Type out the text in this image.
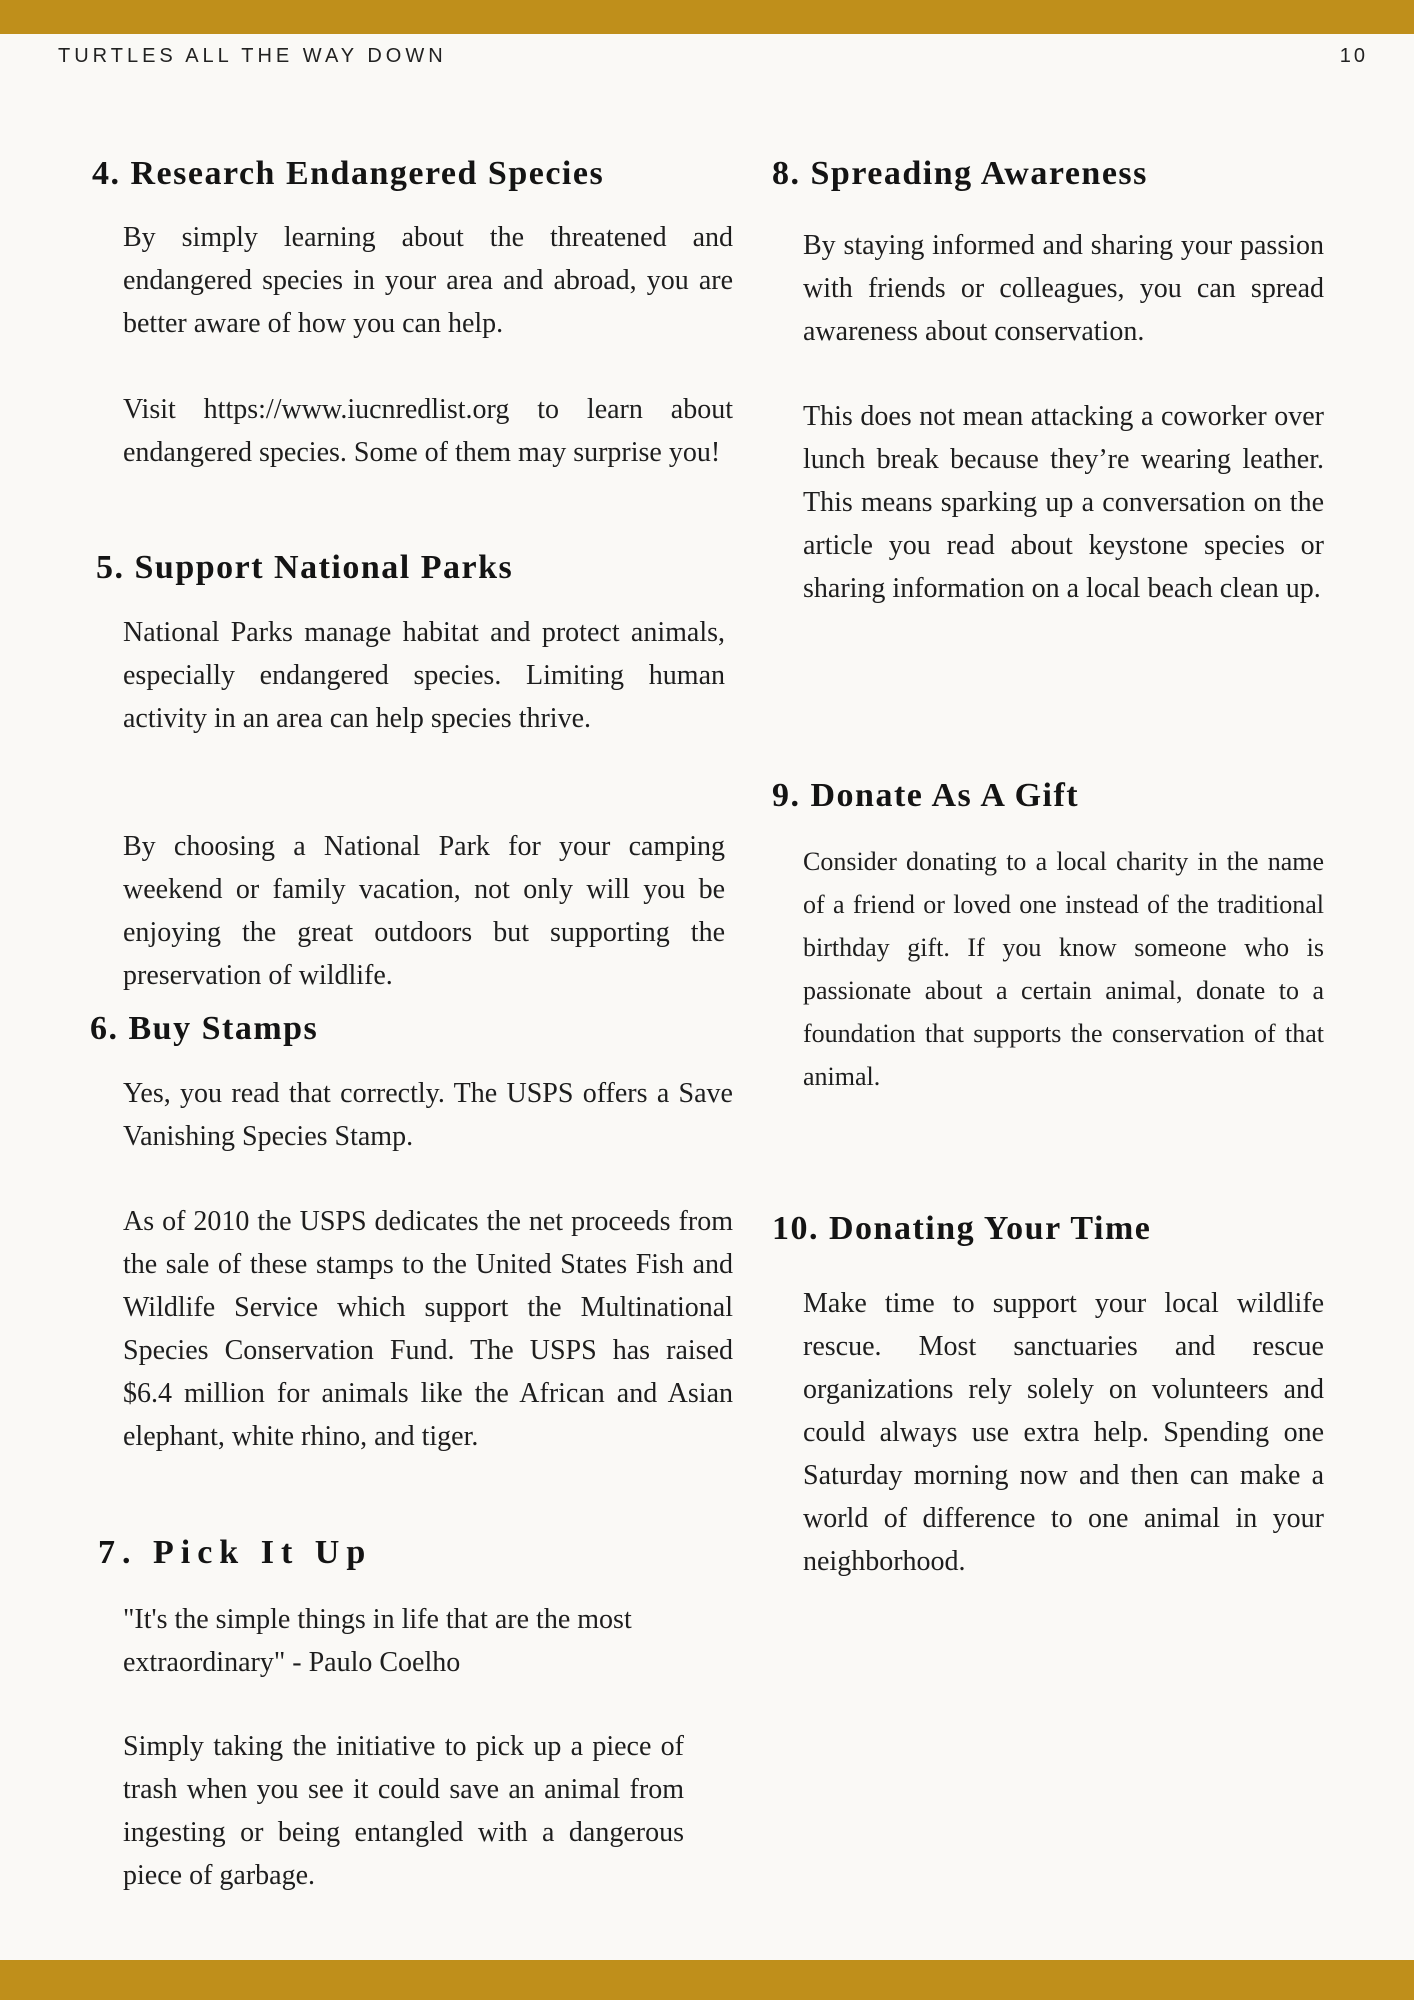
TURTLES ALL THE WAY DOWN	10
4. Research Endangered Species

By simply learning about the threatened and endangered species in your area and abroad, you are better aware of how you can help.

Visit https://www.iucnredlist.org to learn about endangered species. Some of them may surprise you!

5. Support National Parks

National Parks manage habitat and protect animals, especially endangered species. Limiting human activity in an area can help species thrive.

By choosing a National Park for your camping weekend or family vacation, not only will you be enjoying the great outdoors but supporting the preservation of wildlife.

6. Buy Stamps

Yes, you read that correctly. The USPS offers a Save Vanishing Species Stamp.

As of 2010 the USPS dedicates the net proceeds from the sale of these stamps to the United States Fish and Wildlife Service which support the Multinational Species Conservation Fund. The USPS has raised $6.4 million for animals like the African and Asian elephant, white rhino, and tiger.

7. Pick It Up

"It's the simple things in life that are the most extraordinary" - Paulo Coelho

Simply taking the initiative to pick up a piece of trash when you see it could save an animal from ingesting or being entangled with a dangerous piece of garbage.

8. Spreading Awareness

By staying informed and sharing your passion with friends or colleagues, you can spread awareness about conservation.

This does not mean attacking a coworker over lunch break because they’re wearing leather. This means sparking up a conversation on the article you read about keystone species or sharing information on a local beach clean up.

9. Donate As A Gift

Consider donating to a local charity in the name of a friend or loved one instead of the traditional birthday gift. If you know someone who is passionate about a certain animal, donate to a foundation that supports the conservation of that animal.

10. Donating Your Time

Make time to support your local wildlife rescue. Most sanctuaries and rescue organizations rely solely on volunteers and could always use extra help. Spending one Saturday morning now and then can make a world of difference to one animal in your neighborhood.
